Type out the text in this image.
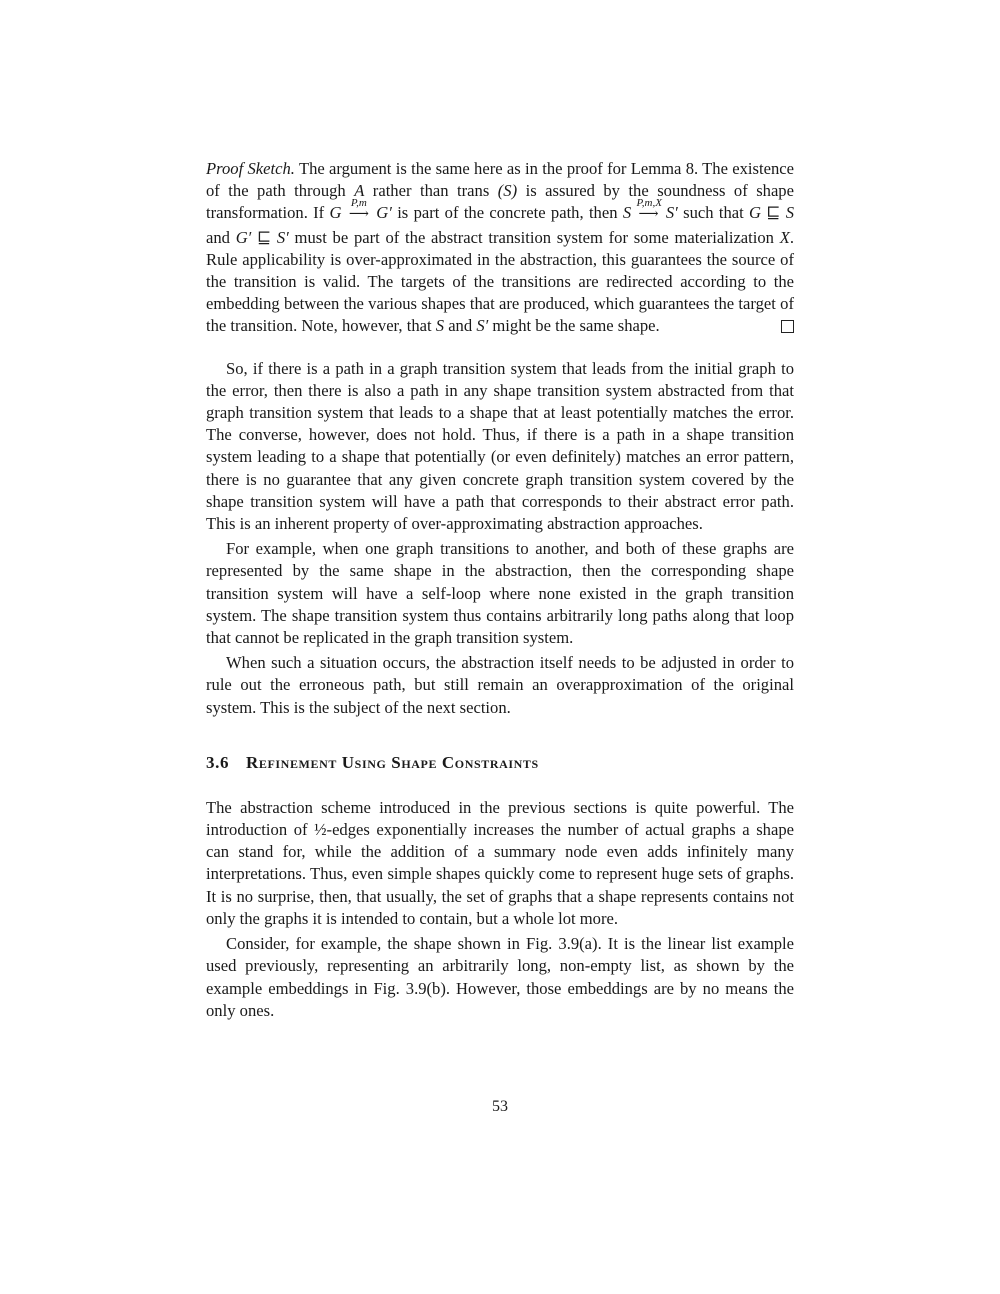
Proof Sketch. The argument is the same here as in the proof for Lemma 8. The existence of the path through A rather than trans (S) is assured by the soundness of shape transformation. If G P,m
⟶ G′ is part of the concrete path, then S P,m,X
⟶ S′ such that G ⊑ S and G′ ⊑ S′ must be part of the abstract transition system for some materialization X. Rule applicability is over-approximated in the abstraction, this guarantees the source of the transition is valid. The targets of the transitions are redirected according to the embedding between the various shapes that are produced, which guarantees the target of the transition. Note, however, that S and S′ might be the same shape.

So, if there is a path in a graph transition system that leads from the initial graph to the error, then there is also a path in any shape transition system abstracted from that graph transition system that leads to a shape that at least potentially matches the error. The converse, however, does not hold. Thus, if there is a path in a shape transition system leading to a shape that potentially (or even definitely) matches an error pattern, there is no guarantee that any given concrete graph transition system covered by the shape transition system will have a path that corresponds to their abstract error path. This is an inherent property of over-approximating abstraction approaches.

For example, when one graph transitions to another, and both of these graphs are represented by the same shape in the abstraction, then the corresponding shape transition system will have a self-loop where none existed in the graph transition system. The shape transition system thus contains arbitrarily long paths along that loop that cannot be replicated in the graph transition system.

When such a situation occurs, the abstraction itself needs to be adjusted in order to rule out the erroneous path, but still remain an overapproximation of the original system. This is the subject of the next section.

3.6 Refinement Using Shape Constraints

The abstraction scheme introduced in the previous sections is quite powerful. The introduction of ½-edges exponentially increases the number of actual graphs a shape can stand for, while the addition of a summary node even adds infinitely many interpretations. Thus, even simple shapes quickly come to represent huge sets of graphs. It is no surprise, then, that usually, the set of graphs that a shape represents contains not only the graphs it is intended to contain, but a whole lot more.

Consider, for example, the shape shown in Fig. 3.9(a). It is the linear list example used previously, representing an arbitrarily long, non-empty list, as shown by the example embeddings in Fig. 3.9(b). However, those embeddings are by no means the only ones.

53
